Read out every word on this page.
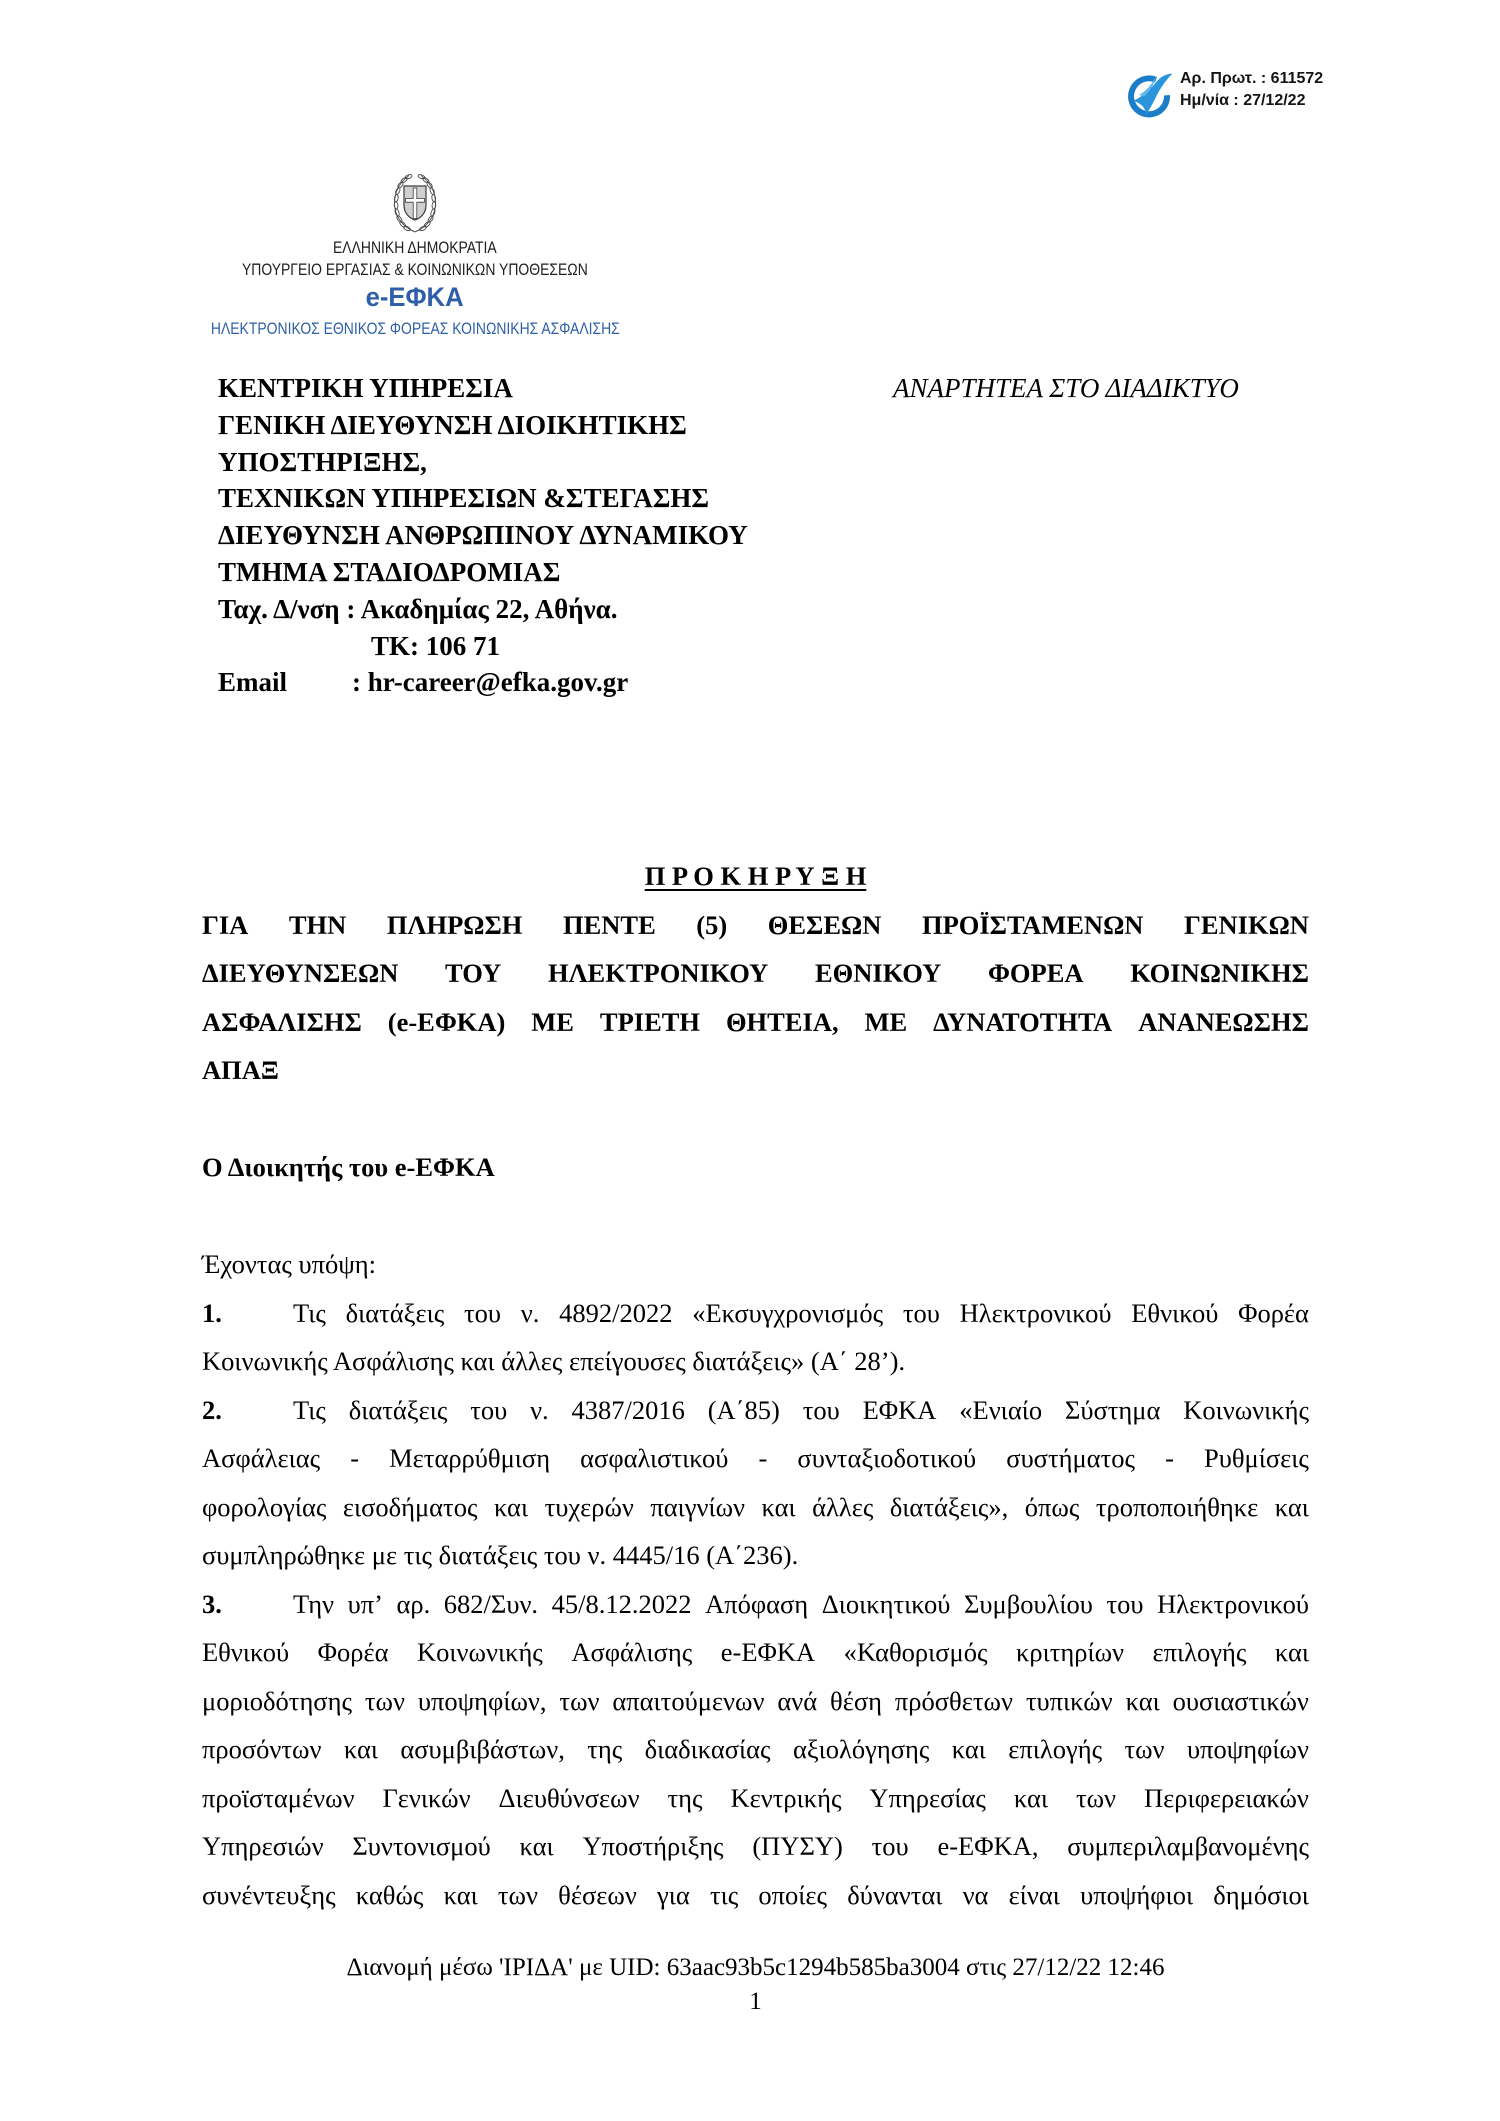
Αρ. Πρωτ. : 611572
Ημ/νία : 27/12/22
ΕΛΛΗΝΙΚΗ ΔΗΜΟΚΡΑΤΙΑ
ΥΠΟΥΡΓΕΙΟ ΕΡΓΑΣΙΑΣ & ΚΟΙΝΩΝΙΚΩΝ ΥΠΟΘΕΣΕΩΝ
e-ΕΦΚΑ
ΗΛΕΚΤΡΟΝΙΚΟΣ ΕΘΝΙΚΟΣ ΦΟΡΕΑΣ ΚΟΙΝΩΝΙΚΗΣ ΑΣΦΑΛΙΣΗΣ
ΚΕΝΤΡΙΚΗ ΥΠΗΡΕΣΙΑ
ΓΕΝΙΚΗ ΔΙΕΥΘΥΝΣΗ ΔΙΟΙΚΗΤΙΚΗΣ
ΥΠΟΣΤΗΡΙΞΗΣ,
ΤΕΧΝΙΚΩΝ ΥΠΗΡΕΣΙΩΝ &ΣΤΕΓΑΣΗΣ
ΔΙΕΥΘΥΝΣΗ ΑΝΘΡΩΠΙΝΟΥ ΔΥΝΑΜΙΚΟΥ
ΤΜΗΜΑ ΣΤΑΔΙΟΔΡΟΜΙΑΣ
Ταχ. Δ/νση : Ακαδημίας 22, Αθήνα.
ΤΚ: 106 71
Email	: hr-career@efka.gov.gr
ΑΝΑΡΤΗΤΕΑ ΣΤΟ ΔΙΑΔΙΚΤΥΟ
Π Ρ Ο Κ Η Ρ Υ Ξ Η
ΓΙΑ ΤΗΝ ΠΛΗΡΩΣΗ ΠΕΝΤΕ (5) ΘΕΣΕΩΝ ΠΡΟΪΣΤΑΜΕΝΩΝ ΓΕΝΙΚΩΝ
ΔΙΕΥΘΥΝΣΕΩΝ ΤΟΥ ΗΛΕΚΤΡΟΝΙΚΟΥ ΕΘΝΙΚΟΥ ΦΟΡΕΑ ΚΟΙΝΩΝΙΚΗΣ
ΑΣΦΑΛΙΣΗΣ (e-ΕΦΚΑ) ΜΕ ΤΡΙΕΤΗ ΘΗΤΕΙΑ, ΜΕ ΔΥΝΑΤΟΤΗΤΑ ΑΝΑΝΕΩΣΗΣ
ΑΠΑΞ
Ο Διοικητής του e-ΕΦΚΑ
Έχοντας υπόψη:
1.	Τις διατάξεις του ν. 4892/2022 «Εκσυγχρονισμός του Ηλεκτρονικού Εθνικού Φορέα
Κοινωνικής Ασφάλισης και άλλες επείγουσες διατάξεις» (Α΄ 28’).
2.	Τις διατάξεις του ν. 4387/2016 (Α΄85) του ΕΦΚΑ «Ενιαίο Σύστημα Κοινωνικής
Ασφάλειας - Μεταρρύθμιση ασφαλιστικού - συνταξιοδοτικού συστήματος - Ρυθμίσεις
φορολογίας εισοδήματος και τυχερών παιγνίων και άλλες διατάξεις», όπως τροποποιήθηκε και
συμπληρώθηκε με τις διατάξεις του ν. 4445/16 (Α΄236).
3.	Την υπ’ αρ. 682/Συν. 45/8.12.2022 Απόφαση Διοικητικού Συμβουλίου του Ηλεκτρονικού
Εθνικού Φορέα Κοινωνικής Ασφάλισης e-ΕΦΚΑ «Καθορισμός κριτηρίων επιλογής και
μοριοδότησης των υποψηφίων, των απαιτούμενων ανά θέση πρόσθετων τυπικών και ουσιαστικών
προσόντων και ασυμβιβάστων, της διαδικασίας αξιολόγησης και επιλογής των υποψηφίων
προϊσταμένων Γενικών Διευθύνσεων της Κεντρικής Υπηρεσίας και των Περιφερειακών
Υπηρεσιών Συντονισμού και Υποστήριξης (ΠΥΣΥ) του e-ΕΦΚΑ, συμπεριλαμβανομένης
συνέντευξης καθώς και των θέσεων για τις οποίες δύνανται να είναι υποψήφιοι δημόσιοι
Διανομή μέσω 'ΙΡΙΔΑ' με UID: 63aac93b5c1294b585ba3004 στις 27/12/22 12:46
1
